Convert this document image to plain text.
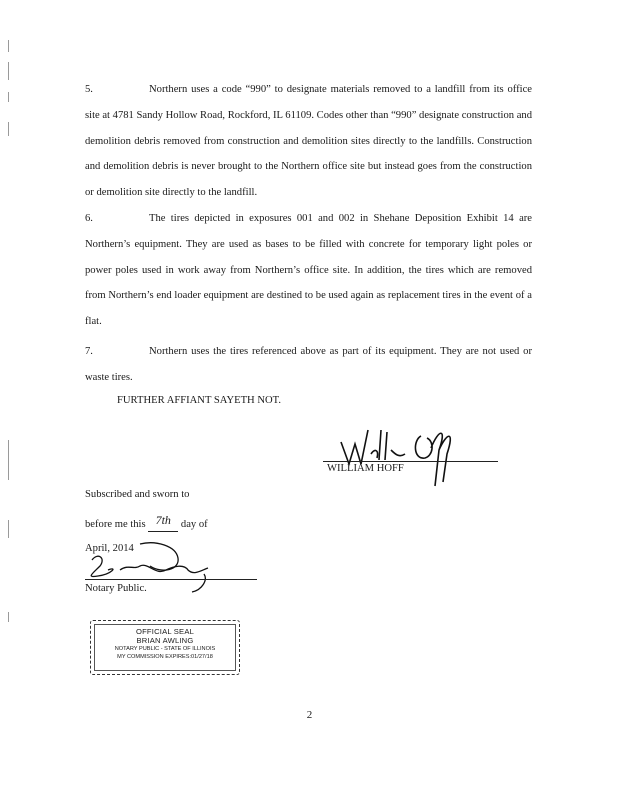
5.	Northern uses a code “990” to designate materials removed to a landfill from its office site at 4781 Sandy Hollow Road, Rockford, IL 61109. Codes other than “990” designate construction and demolition debris removed from construction and demolition sites directly to the landfills. Construction and demolition debris is never brought to the Northern office site but instead goes from the construction or demolition site directly to the landfill.

6.	The tires depicted in exposures 001 and 002 in Shehane Deposition Exhibit 14 are Northern’s equipment. They are used as bases to be filled with concrete for temporary light poles or power poles used in work away from Northern’s office site. In addition, the tires which are removed from Northern’s end loader equipment are destined to be used again as replacement tires in the event of a flat.

7.	Northern uses the tires referenced above as part of its equipment. They are not used or waste tires.

FURTHER AFFIANT SAYETH NOT.
WILLIAM HOFF
Subscribed and sworn to
before me this 7th day of
April, 2014
Notary Public.
OFFICIAL SEAL
BRIAN AWLING
NOTARY PUBLIC - STATE OF ILLINOIS
MY COMMISSION EXPIRES:01/27/18
2
